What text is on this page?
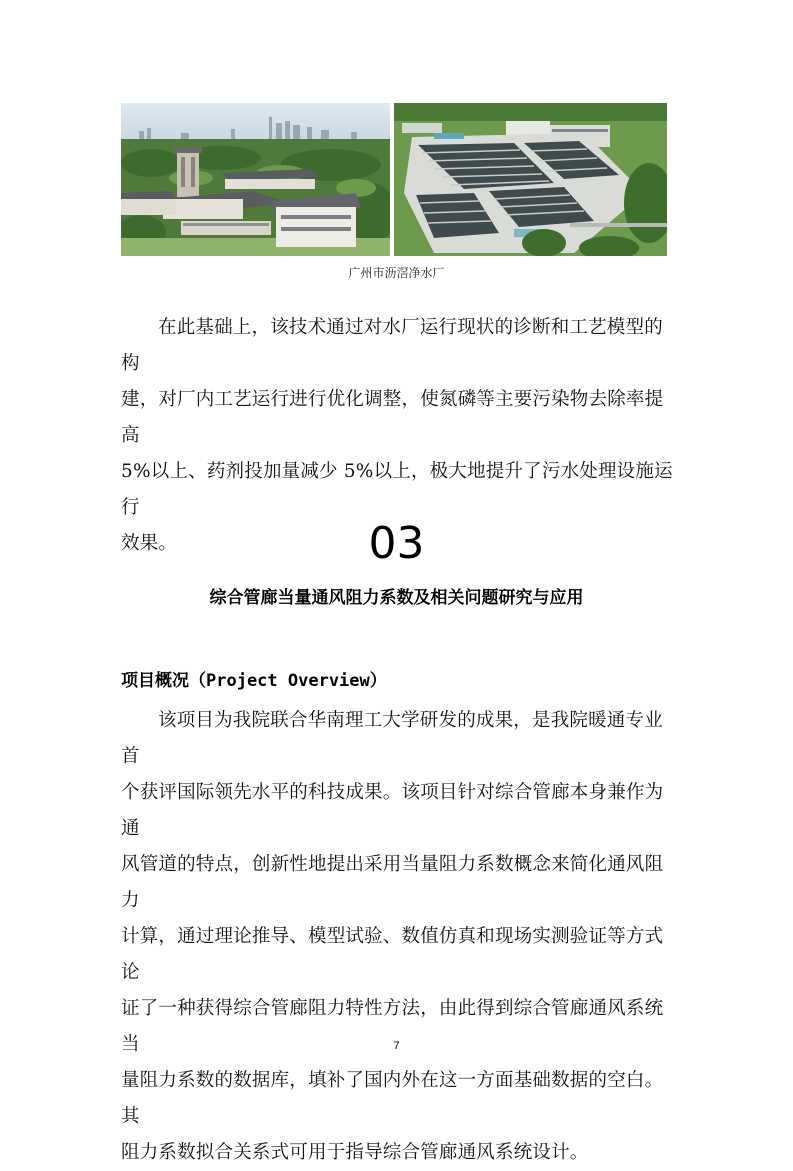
广州市沥滘净水厂

在此基础上，该技术通过对水厂运行现状的诊断和工艺模型的构

建，对厂内工艺运行进行优化调整，使氮磷等主要污染物去除率提高

5%以上、药剂投加量减少 5%以上，极大地提升了污水处理设施运行

效果。	03
综合管廊当量通风阻力系数及相关问题研究与应用
项目概况（Project Overview）

该项目为我院联合华南理工大学研发的成果，是我院暖通专业首

个获评国际领先水平的科技成果。该项目针对综合管廊本身兼作为通

风管道的特点，创新性地提出采用当量阻力系数概念来简化通风阻力

计算，通过理论推导、模型试验、数值仿真和现场实测验证等方式论

证了一种获得综合管廊阻力特性方法，由此得到综合管廊通风系统当

量阻力系数的数据库，填补了国内外在这一方面基础数据的空白。其

阻力系数拟合关系式可用于指导综合管廊通风系统设计。

7
